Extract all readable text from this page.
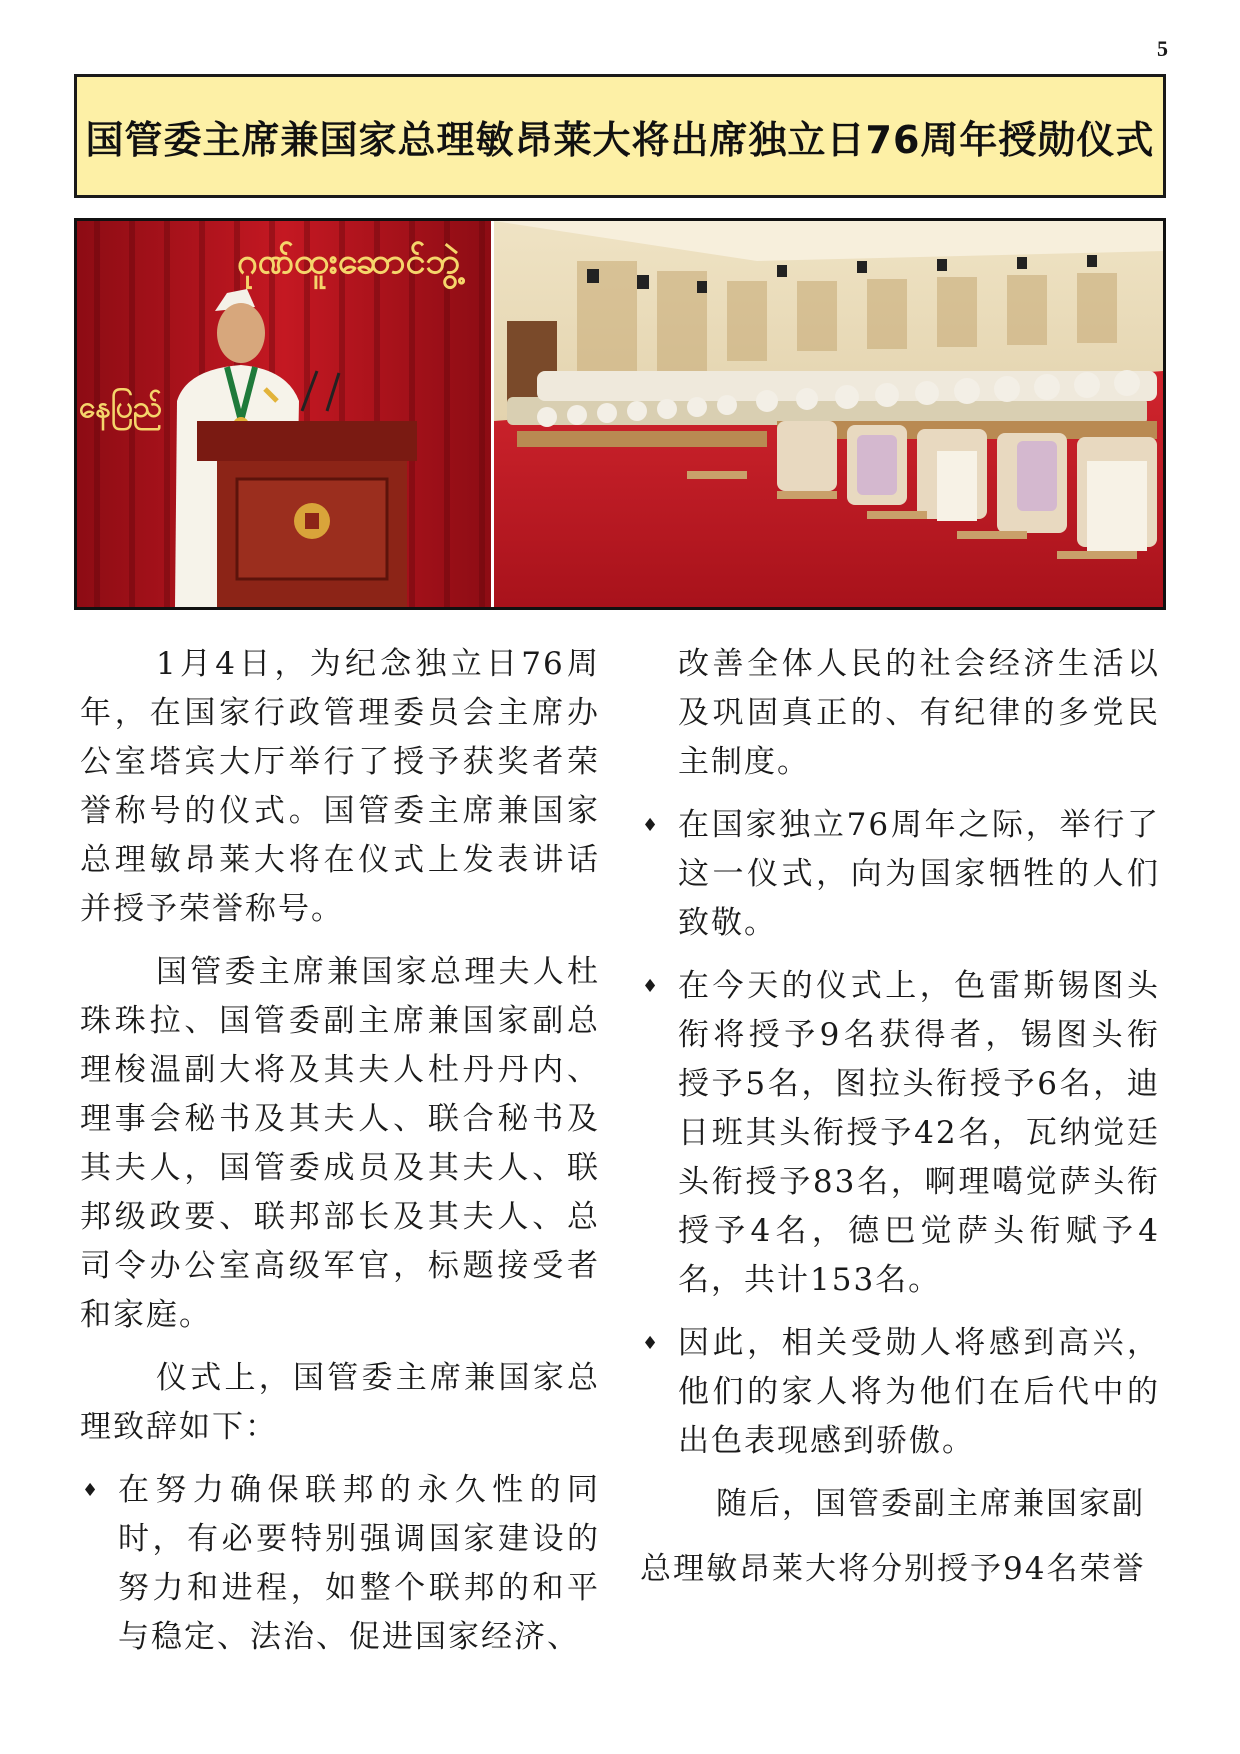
5
国管委主席兼国家总理敏昂莱大将出席独立日76周年授勋仪式
ဂုဏ်ထူးဆောင်ဘွဲ့
နေပြည်

1月4日，为纪念独立日76周年，在国家行政管理委员会主席办公室塔宾大厅举行了授予获奖者荣誉称号的仪式。国管委主席兼国家总理敏昂莱大将在仪式上发表讲话并授予荣誉称号。

国管委主席兼国家总理夫人杜珠珠拉、国管委副主席兼国家副总理梭温副大将及其夫人杜丹丹内、理事会秘书及其夫人、联合秘书及其夫人，国管委成员及其夫人、联邦级政要、联邦部长及其夫人、总司令办公室高级军官，标题接受者和家庭。

仪式上，国管委主席兼国家总理致辞如下：

♦ 在努力确保联邦的永久性的同时，有必要特别强调国家建设的努力和进程，如整个联邦的和平与稳定、法治、促进国家经济、

改善全体人民的社会经济生活以及巩固真正的、有纪律的多党民主制度。

♦ 在国家独立76周年之际，举行了这一仪式，向为国家牺牲的人们致敬。
♦ 在今天的仪式上，色雷斯锡图头衔将授予9名获得者，锡图头衔授予5名，图拉头衔授予6名，迪日班其头衔授予42名，瓦纳觉廷头衔授予83名，啊理噶觉萨头衔授予4名，德巴觉萨头衔赋予4名，共计153名。
♦ 因此，相关受勋人将感到高兴，他们的家人将为他们在后代中的出色表现感到骄傲。

随后，国管委副主席兼国家副

总理敏昂莱大将分别授予94名荣誉
